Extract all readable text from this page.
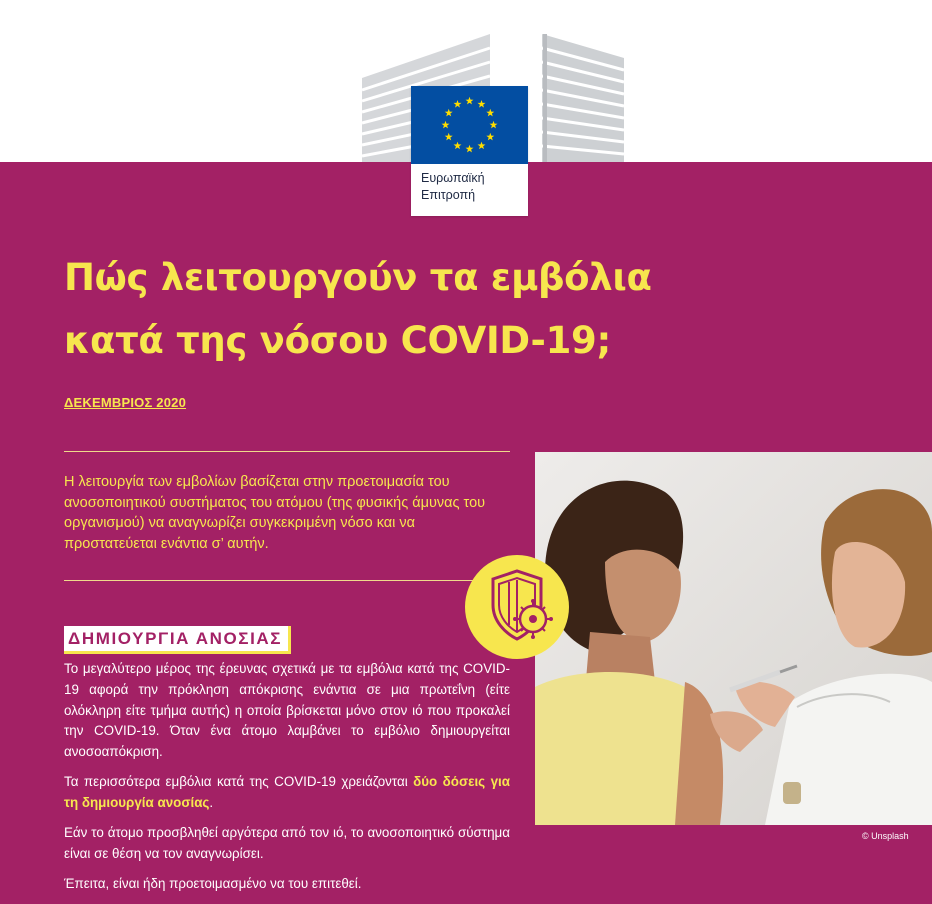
Ευρωπαϊκή
Επιτροπή
Πώς λειτουργούν τα εμβόλια
κατά της νόσου COVID-19;
ΔΕΚΕΜΒΡΙΟΣ 2020

Η λειτουργία των εμβολίων βασίζεται στην προετοιμασία του ανοσοποιητικού συστήματος του ατόμου (της φυσικής άμυνας του οργανισμού) να αναγνωρίζει συγκεκριμένη νόσο και να προστατεύεται ενάντια σ’ αυτήν.

ΔΗΜΙΟΥΡΓΙΑ ΑΝΟΣΙΑΣ

Το μεγαλύτερο μέρος της έρευνας σχετικά με τα εμβόλια κατά της COVID-19 αφορά την πρόκληση απόκρισης ενάντια σε μια πρωτεΐνη (είτε ολόκληρη είτε τμήμα αυτής) η οποία βρίσκεται μόνο στον ιό που προκαλεί την COVID-19. Όταν ένα άτομο λαμβάνει το εμβόλιο δημιουργείται ανοσοαπόκριση.

Τα περισσότερα εμβόλια κατά της COVID-19 χρειάζονται δύο δόσεις για τη δημιουργία ανοσίας.

Εάν το άτομο προσβληθεί αργότερα από τον ιό, το ανοσοποιητικό σύστημα είναι σε θέση να τον αναγνωρίσει.

Έπειτα, είναι ήδη προετοιμασμένο να του επιτεθεί.

© Unsplash
